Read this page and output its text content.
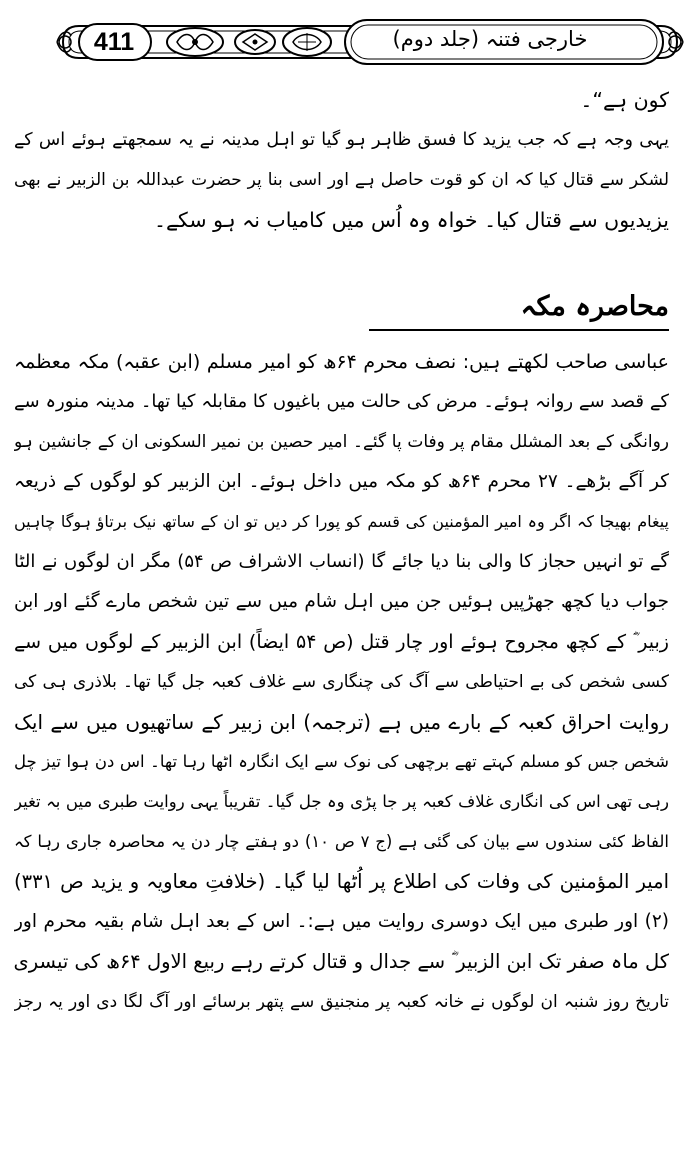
411	خارجی فتنہ (جلد دوم)
کون ہے“۔
یہی وجہ ہے کہ جب یزید کا فسق ظاہر ہو گیا تو اہل مدینہ نے یہ سمجھتے ہوئے اس کے
لشکر سے قتال کیا کہ ان کو قوت حاصل ہے اور اسی بنا پر حضرت عبداللہ بن الزبیر نے بھی
یزیدیوں سے قتال کیا۔ خواہ وہ اُس میں کامیاب نہ ہو سکے۔
محاصرہ مکہ
عباسی صاحب لکھتے ہیں: نصف محرم ۶۴ھ کو امیر مسلم (ابن عقبہ) مکہ معظمہ
کے قصد سے روانہ ہوئے۔ مرض کی حالت میں باغیوں کا مقابلہ کیا تھا۔ مدینہ منورہ سے
روانگی کے بعد المشلل مقام پر وفات پا گئے۔ امیر حصین بن نمیر السکونی ان کے جانشین ہو
کر آگے بڑھے۔ ۲۷ محرم ۶۴ھ کو مکہ میں داخل ہوئے۔ ابن الزبیر کو لوگوں کے ذریعہ
پیغام بھیجا کہ اگر وہ امیر المؤمنین کی قسم کو پورا کر دیں تو ان کے ساتھ نیک برتاؤ ہوگا چاہیں
گے تو انہیں حجاز کا والی بنا دیا جائے گا (انساب الاشراف ص ۵۴) مگر ان لوگوں نے الٹا
جواب دیا کچھ جھڑپیں ہوئیں جن میں اہل شام میں سے تین شخص مارے گئے اور ابن
زبیر ؓ کے کچھ مجروح ہوئے اور چار قتل (ص ۵۴ ایضاً) ابن الزبیر کے لوگوں میں سے
کسی شخص کی بے احتیاطی سے آگ کی چنگاری سے غلاف کعبہ جل گیا تھا۔ بلاذری ہی کی
روایت احراق کعبہ کے بارے میں ہے (ترجمہ) ابن زبیر کے ساتھیوں میں سے ایک
شخص جس کو مسلم کہتے تھے برچھی کی نوک سے ایک انگارہ اٹھا رہا تھا۔ اس دن ہوا تیز چل
رہی تھی اس کی انگاری غلاف کعبہ پر جا پڑی وہ جل گیا۔ تقریباً یہی روایت طبری میں بہ تغیر
الفاظ کئی سندوں سے بیان کی گئی ہے (ج ۷ ص ۱۰) دو ہفتے چار دن یہ محاصرہ جاری رہا کہ
امیر المؤمنین کی وفات کی اطلاع پر اُٹھا لیا گیا۔ (خلافتِ معاویہ و یزید ص ۳۳۱)
(۲) اور طبری میں ایک دوسری روایت میں ہے:۔ اس کے بعد اہل شام بقیہ محرم اور
کل ماہ صفر تک ابن الزبیر ؓ سے جدال و قتال کرتے رہے ربیع الاول ۶۴ھ کی تیسری
تاریخ روز شنبہ ان لوگوں نے خانہ کعبہ پر منجنیق سے پتھر برسائے اور آگ لگا دی اور یہ رجز
